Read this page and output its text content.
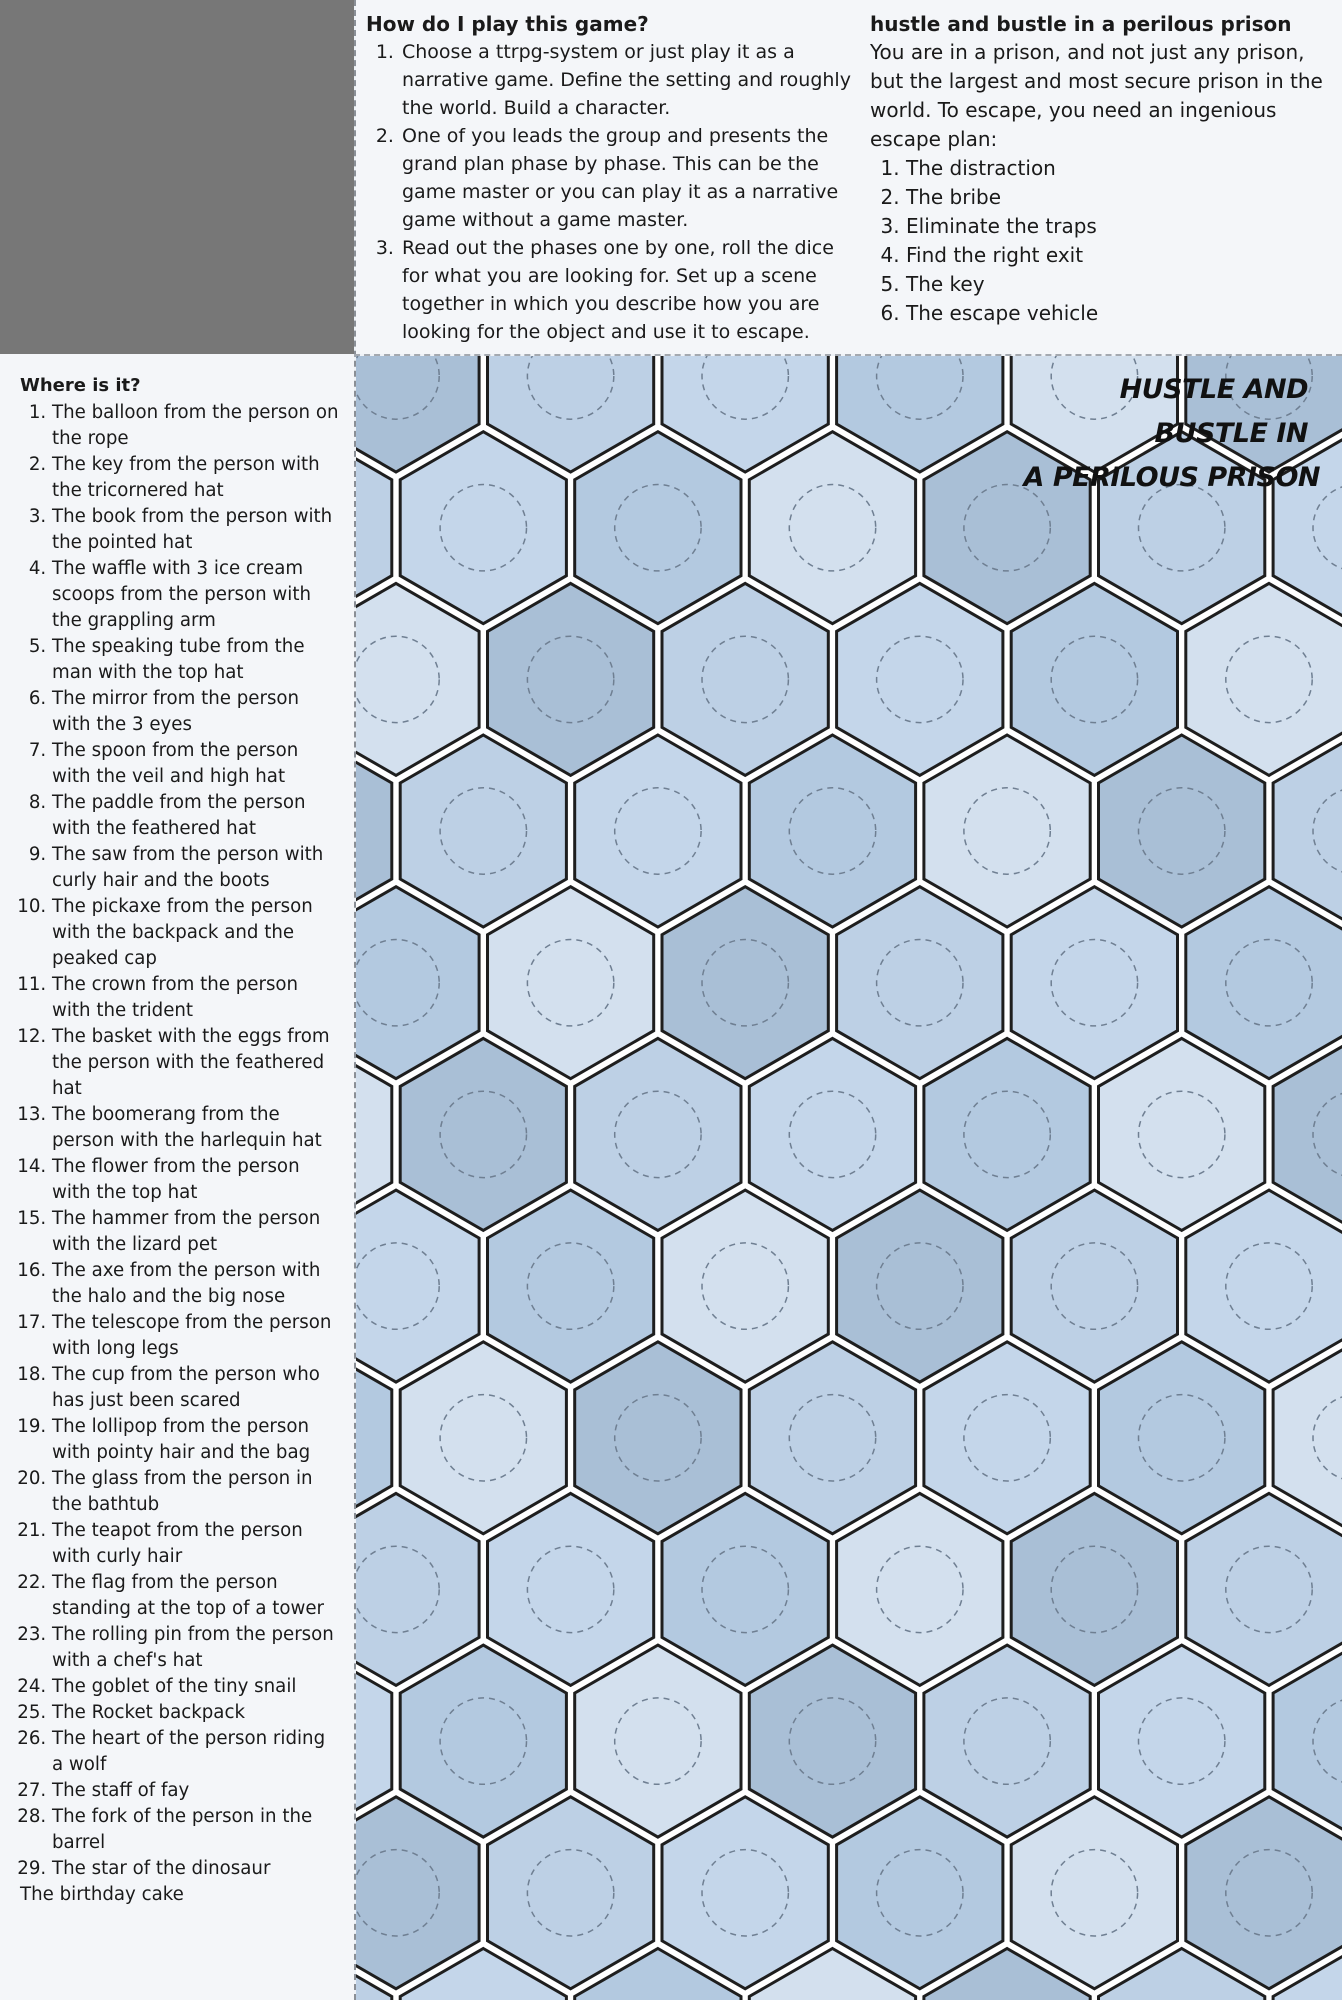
How do I play this game?
1. Choose a ttrpg-system or just play it as a narrative game. Define the setting and roughly the world. Build a character.
2. One of you leads the group and presents the grand plan phase by phase. This can be the game master or you can play it as a narrative game without a game master.
3. Read out the phases one by one, roll the dice for what you are looking for. Set up a scene together in which you describe how you are looking for the object and use it to escape.
hustle and bustle in a perilous prison

You are in a prison, and not just any prison, but the largest and most secure prison in the world. To escape, you need an ingenious escape plan:

1. The distraction
2. The bribe
3. Eliminate the traps
4. Find the right exit
5. The key
6. The escape vehicle
Where is it?
1. The balloon from the person on the rope
2. The key from the person with the tricornered hat
3. The book from the person with the pointed hat
4. The waffle with 3 ice cream scoops from the person with the grappling arm
5. The speaking tube from the man with the top hat
6. The mirror from the person with the 3 eyes
7. The spoon from the person with the veil and high hat
8. The paddle from the person with the feathered hat
9. The saw from the person with curly hair and the boots
10. The pickaxe from the person with the backpack and the peaked cap
11. The crown from the person with the trident
12. The basket with the eggs from the person with the feathered hat
13. The boomerang from the person with the harlequin hat
14. The flower from the person with the top hat
15. The hammer from the person with the lizard pet
16. The axe from the person with the halo and the big nose
17. The telescope from the person with long legs
18. The cup from the person who has just been scared
19. The lollipop from the person with pointy hair and the bag
20. The glass from the person in the bathtub
21. The teapot from the person with curly hair
22. The flag from the person standing at the top of a tower
23. The rolling pin from the person with a chef's hat
24. The goblet of the tiny snail
25. The Rocket backpack
26. The heart of the person riding a wolf
27. The staff of fay
28. The fork of the person in the barrel
29. The star of the dinosaur

The birthday cake

HUSTLE AND BUSTLE IN
A PERILOUS PRISON
